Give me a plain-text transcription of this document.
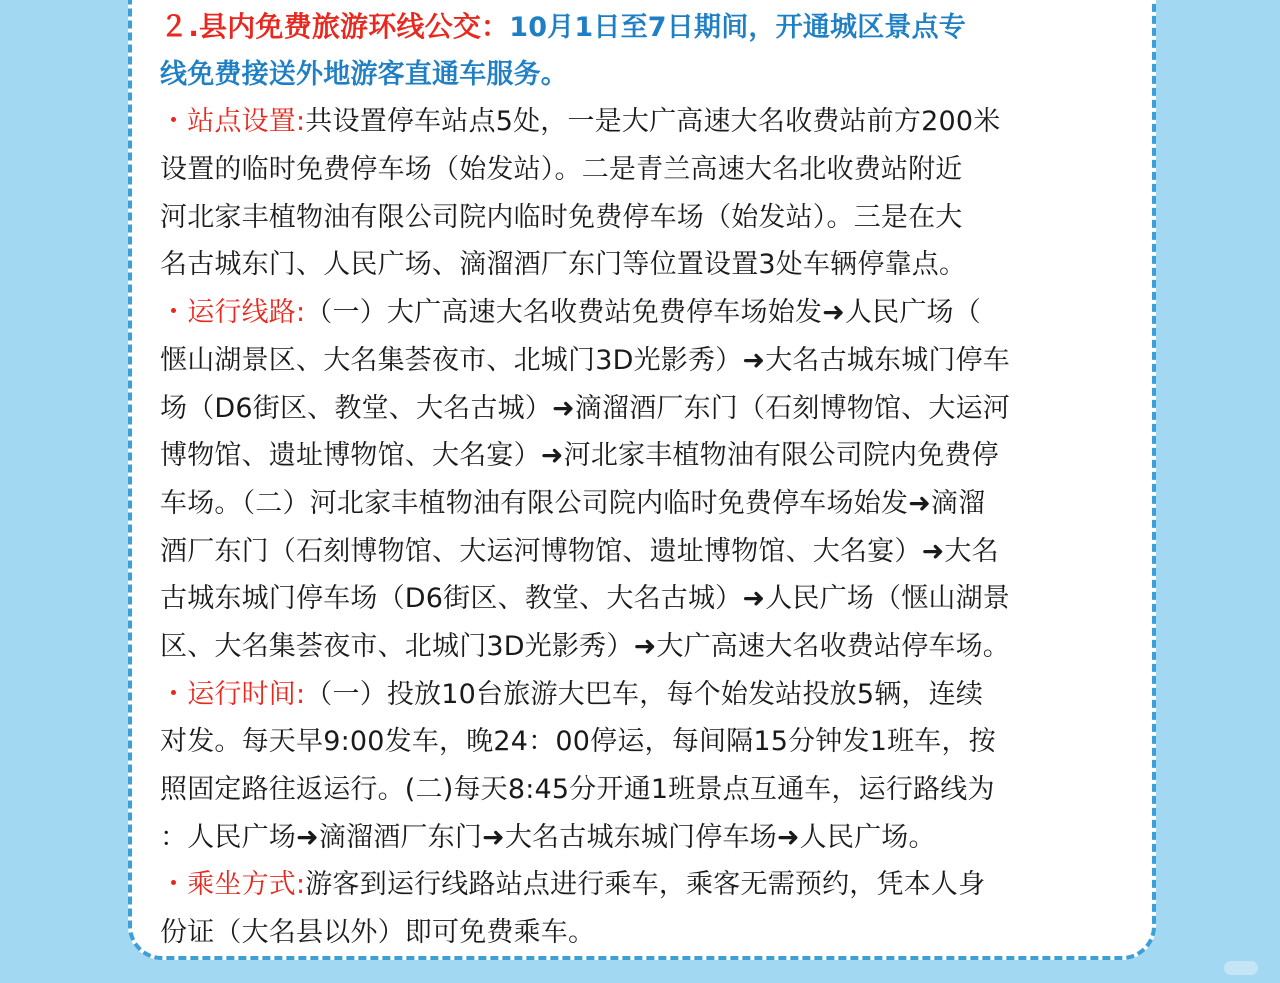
２.县内免费旅游环线公交：10月1日至7日期间，开通城区景点专
线免费接送外地游客直通车服务。
・站点设置:共设置停车站点5处，一是大广高速大名收费站前方200米
设置的临时免费停车场（始发站）。二是青兰高速大名北收费站附近
河北家丰植物油有限公司院内临时免费停车场（始发站）。三是在大
名古城东门、人民广场、滴溜酒厂东门等位置设置3处车辆停靠点。
・运行线路:（一）大广高速大名收费站免费停车场始发➜人民广场（
惬山湖景区、大名集荟夜市、北城门3D光影秀）➜大名古城东城门停车
场（D6街区、教堂、大名古城）➜滴溜酒厂东门（石刻博物馆、大运河
博物馆、遗址博物馆、大名宴）➜河北家丰植物油有限公司院内免费停
车场。（二）河北家丰植物油有限公司院内临时免费停车场始发➜滴溜
酒厂东门（石刻博物馆、大运河博物馆、遗址博物馆、大名宴）➜大名
古城东城门停车场（D6街区、教堂、大名古城）➜人民广场（惬山湖景
区、大名集荟夜市、北城门3D光影秀）➜大广高速大名收费站停车场。
・运行时间:（一）投放10台旅游大巴车，每个始发站投放5辆，连续
对发。每天早9:00发车，晚24：00停运，每间隔15分钟发1班车，按
照固定路往返运行。(二)每天8:45分开通1班景点互通车，运行路线为
：人民广场➜滴溜酒厂东门➜大名古城东城门停车场➜人民广场。
・乘坐方式:游客到运行线路站点进行乘车，乘客无需预约，凭本人身
份证（大名县以外）即可免费乘车。
